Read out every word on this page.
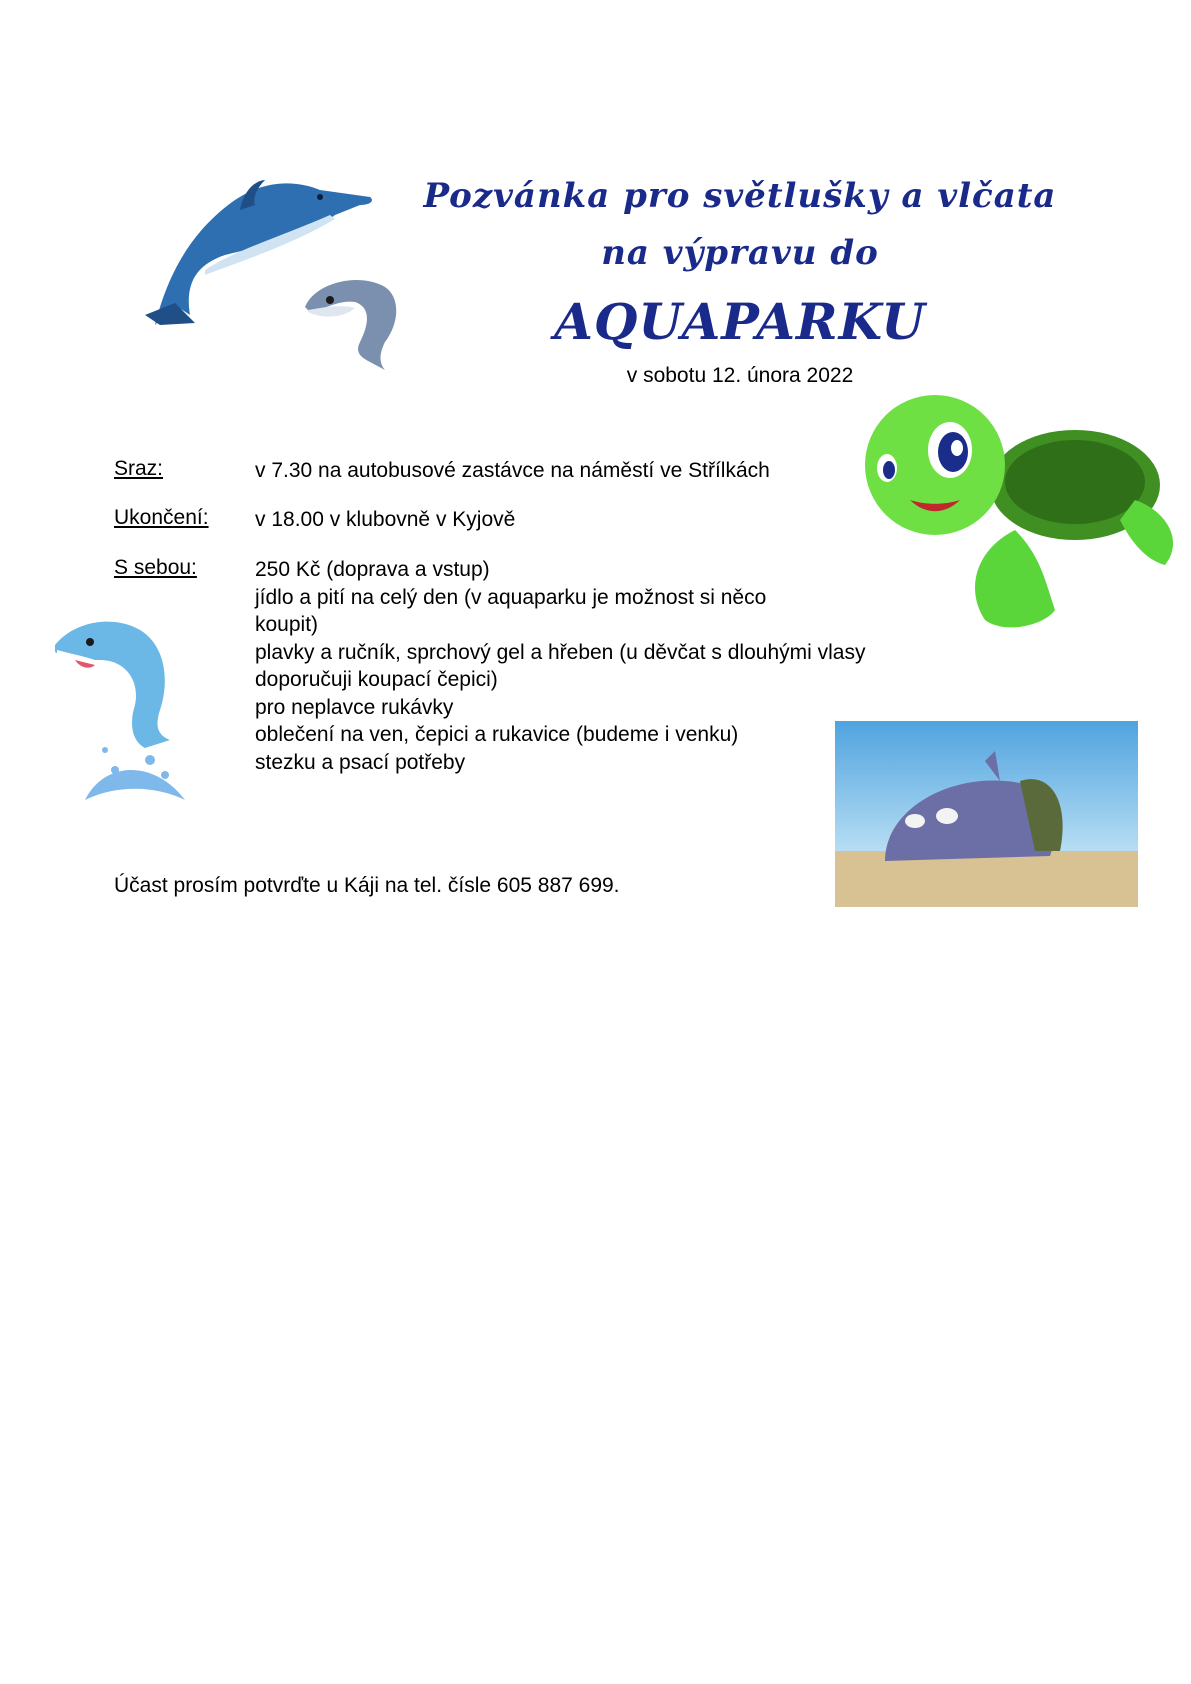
Pozvánka pro světlušky a vlčata
na výpravu do
AQUAPARKU
v sobotu 12. února 2022
Sraz:	v 7.30 na autobusové zastávce na náměstí ve Střílkách
Ukončení: v 18.00 v klubovně v Kyjově
S sebou:	250 Kč (doprava a vstup)
jídlo a pití na celý den (v aquaparku je možnost si něco
koupit)
plavky a ručník, sprchový gel a hřeben (u děvčat s dlouhými vlasy
doporučuji koupací čepici)
pro neplavce rukávky
oblečení na ven, čepici a rukavice (budeme i venku)
stezku a psací potřeby
Účast prosím potvrďte u Káji na tel. čísle 605 887 699.
